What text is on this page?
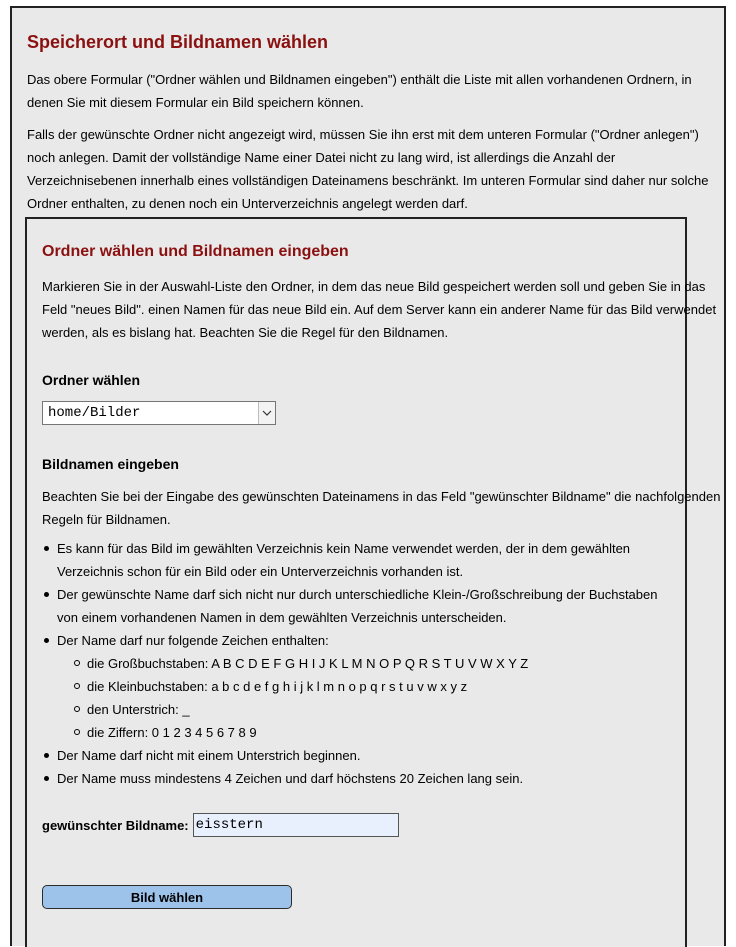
Speicherort und Bildnamen wählen

Das obere Formular ("Ordner wählen und Bildnamen eingeben") enthält die Liste mit allen vorhandenen Ordnern, in denen Sie mit diesem Formular ein Bild speichern können.

Falls der gewünschte Ordner nicht angezeigt wird, müssen Sie ihn erst mit dem unteren Formular ("Ordner anlegen") noch anlegen. Damit der vollständige Name einer Datei nicht zu lang wird, ist allerdings die Anzahl der Verzeichnisebenen innerhalb eines vollständigen Dateinamens beschränkt. Im unteren Formular sind daher nur solche Ordner enthalten, zu denen noch ein Unterverzeichnis angelegt werden darf.

Ordner wählen und Bildnamen eingeben

Markieren Sie in der Auswahl-Liste den Ordner, in dem das neue Bild gespeichert werden soll und geben Sie in das Feld "neues Bild". einen Namen für das neue Bild ein. Auf dem Server kann ein anderer Name für das Bild verwendet werden, als es bislang hat. Beachten Sie die Regel für den Bildnamen.

Ordner wählen
home/Bilder
Bildnamen eingeben

Beachten Sie bei der Eingabe des gewünschten Dateinamens in das Feld "gewünschter Bildname" die nachfolgenden Regeln für Bildnamen.

Es kann für das Bild im gewählten Verzeichnis kein Name verwendet werden, der in dem gewählten Verzeichnis schon für ein Bild oder ein Unterverzeichnis vorhanden ist.
Der gewünschte Name darf sich nicht nur durch unterschiedliche Klein-/Großschreibung der Buchstaben von einem vorhandenen Namen in dem gewählten Verzeichnis unterscheiden.
Der Name darf nur folgende Zeichen enthalten:
die Großbuchstaben: A B C D E F G H I J K L M N O P Q R S T U V W X Y Z
die Kleinbuchstaben: a b c d e f g h i j k l m n o p q r s t u v w x y z
den Unterstrich: _
die Ziffern: 0 1 2 3 4 5 6 7 8 9
Der Name darf nicht mit einem Unterstrich beginnen.
Der Name muss mindestens 4 Zeichen und darf höchstens 20 Zeichen lang sein.
gewünschter Bildname:
eisstern
Bild wählen
